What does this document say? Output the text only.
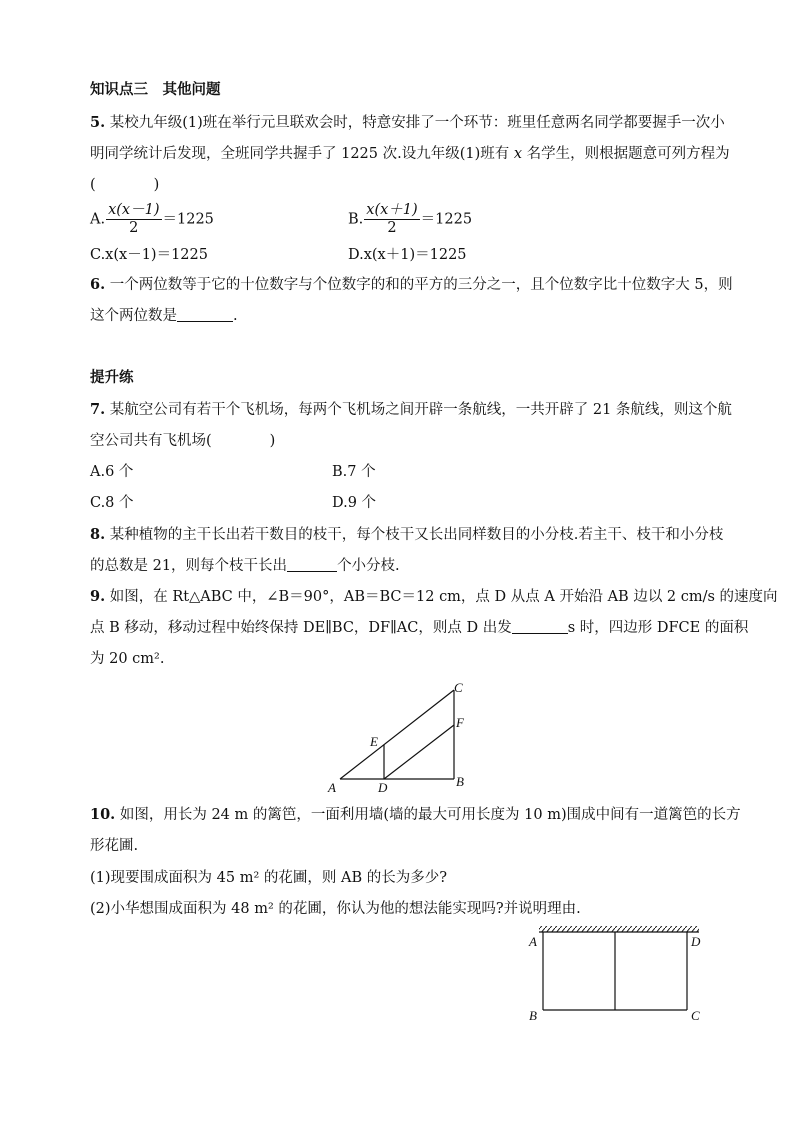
知识点三　其他问题
5. 某校九年级(1)班在举行元旦联欢会时，特意安排了一个环节：班里任意两名同学都要握手一次小
明同学统计后发现，全班同学共握手了 1225 次.设九年级(1)班有 x 名学生，则根据题意可列方程为
(　　　　)
A. $\frac{x(x-1)}{2} =1225$	B. $\frac{x(x+1)}{2} =1225$
C.x(x－1)＝1225	D.x(x＋1)＝1225
6. 一个两位数等于它的十位数字与个位数字的和的平方的三分之一，且个位数字比十位数字大 5，则
这个两位数是	.
提升练
7. 某航空公司有若干个飞机场，每两个飞机场之间开辟一条航线，一共开辟了 21 条航线，则这个航
空公司共有飞机场(　　　　)
A.6 个	B.7 个
C.8 个	D.9 个
8. 某种植物的主干长出若干数目的枝干，每个枝干又长出同样数目的小分枝.若主干、枝干和小分枝
的总数是 21，则每个枝干长出	个小分枝.
9. 如图，在 Rt△ABC 中，∠B＝90°，AB＝BC＝12 cm，点 D 从点 A 开始沿 AB 边以 2 cm/s 的速度向
点 B 移动，移动过程中始终保持 DE∥BC，DF∥AC，则点 D 出发	s 时，四边形 DFCE 的面积
为 20 cm².
A	B
C
D
E
F
10. 如图，用长为 24 m 的篱笆，一面利用墙(墙的最大可用长度为 10 m)围成中间有一道篱笆的长方
形花圃.
(1)现要围成面积为 45 m² 的花圃，则 AB 的长为多少?
(2)小华想围成面积为 48 m² 的花圃，你认为他的想法能实现吗?并说明理由.
A
B	C
D
